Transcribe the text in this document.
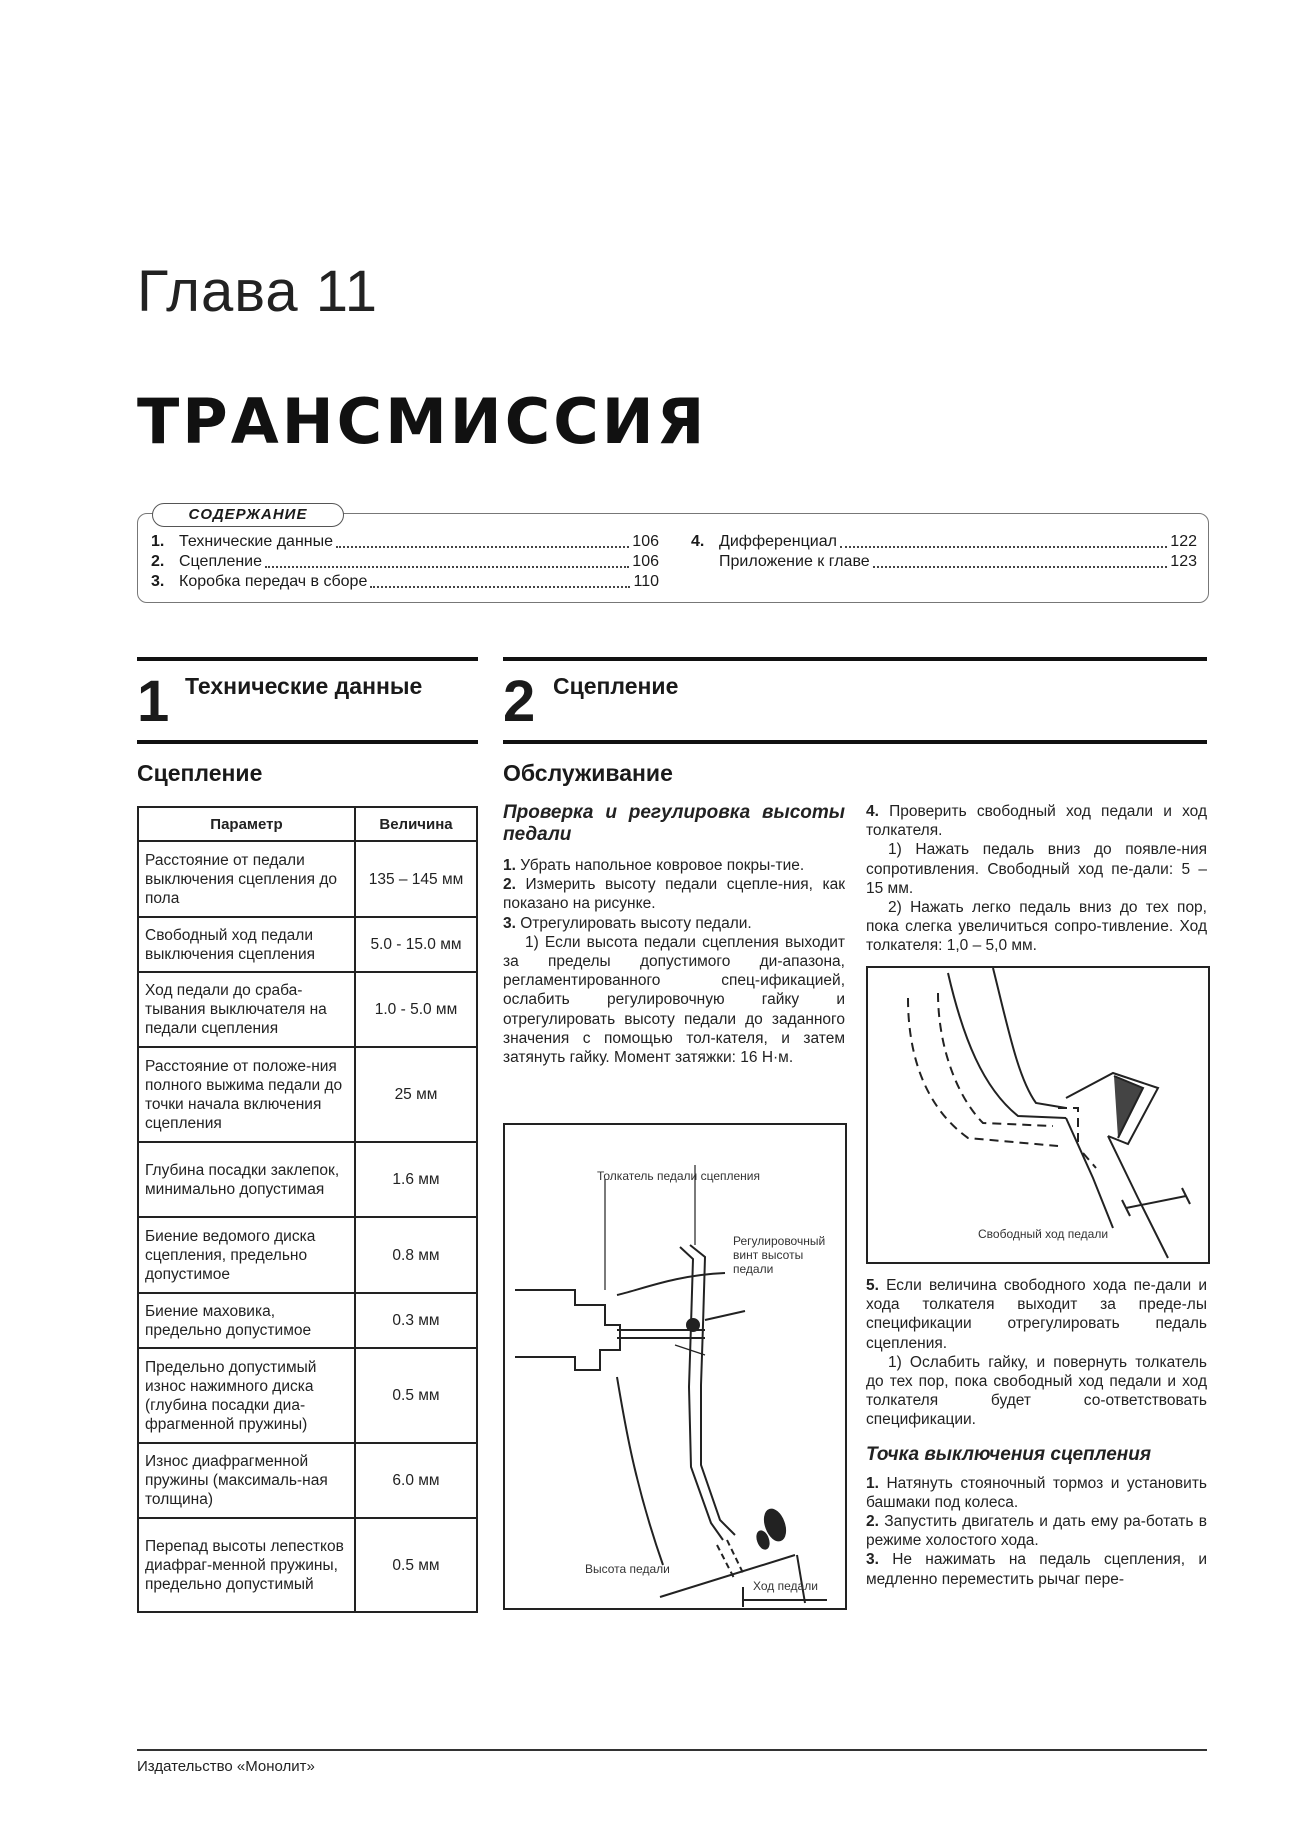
Глава 11
ТРАНСМИССИЯ
1. Технические данные	106
2. Сцепление	106
3. Коробка передач в сборе	110
4. Дифференциал	122
Приложение к главе	123
СОДЕРЖАНИЕ
1 Технические данные
Сцепление
2 Сцепление
Обслуживание
Параметр	Величина
Расстояние от педали выключения сцепления до пола	135 – 145 мм
Свободный ход педали выключения сцепления	5.0 - 15.0 мм
Ход педали до сраба-тывания выключателя на педали сцепления	1.0 - 5.0 мм
Расстояние от положе-ния полного выжима педали до точки начала включения сцепления	25 мм
Глубина посадки заклепок, минимально допустимая	1.6 мм
Биение ведомого диска сцепления, предельно допустимое	0.8 мм
Биение маховика, предельно допустимое	0.3 мм
Предельно допустимый износ нажимного диска (глубина посадки диа-фрагменной пружины)	0.5 мм
Износ диафрагменной пружины (максималь-ная толщина)	6.0 мм
Перепад высоты лепестков диафраг-менной пружины, предельно допустимый	0.5 мм
Проверка и регулировка высоты педали

1. Убрать напольное ковровое покры-тие.

2. Измерить высоту педали сцепле-ния, как показано на рисунке.

3. Отрегулировать высоту педали.

1) Если высота педали сцепления выходит за пределы допустимого ди-апазона, регламентированного спец-ификацией, ослабить регулировочную гайку и отрегулировать высоту педали до заданного значения с помощью тол-кателя, и затем затянуть гайку. Момент затяжки: 16 Н·м.

Толкатель педали сцепления
Регулировочный
винт высоты
педали
Высота педали
Ход педали

4. Проверить свободный ход педали и ход толкателя.

1) Нажать педаль вниз до появле-ния сопротивления. Свободный ход пе-дали: 5 – 15 мм.

2) Нажать легко педаль вниз до тех пор, пока слегка увеличиться сопро-тивление. Ход толкателя: 1,0 – 5,0 мм.

Свободный ход педали

5. Если величина свободного хода пе-дали и хода толкателя выходит за преде-лы спецификации отрегулировать педаль сцепления.

1) Ослабить гайку, и повернуть толкатель до тех пор, пока свободный ход педали и ход толкателя будет со-ответствовать спецификации.

Точка выключения сцепления

1. Натянуть стояночный тормоз и установить башмаки под колеса.

2. Запустить двигатель и дать ему ра-ботать в режиме холостого хода.

3. Не нажимать на педаль сцепления, и медленно переместить рычаг пере-

Издательство «Монолит»
